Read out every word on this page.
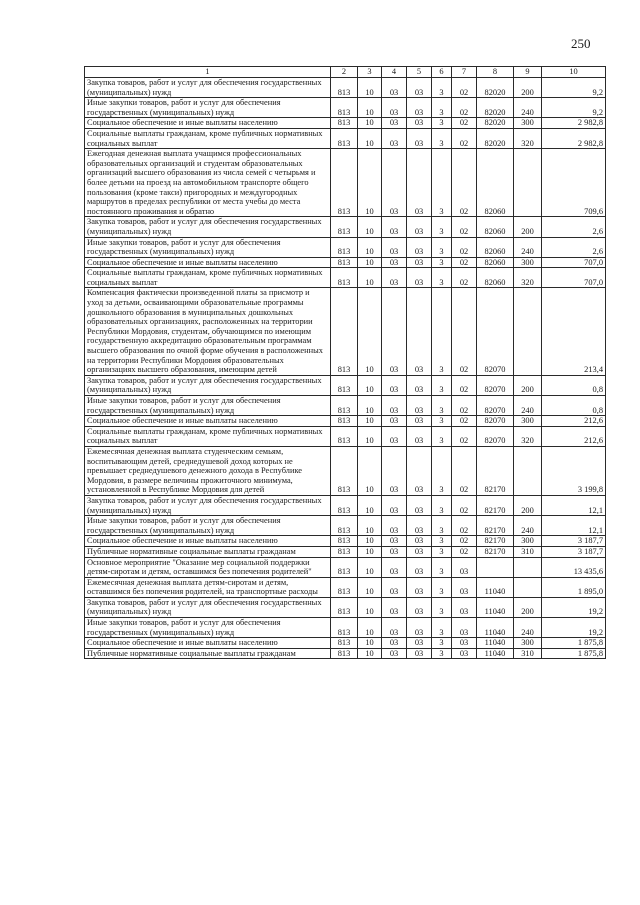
250
1	2	3	4	5	6	7	8	9	10
Закупка товаров, работ и услуг для обеспечения государственных (муниципальных) нужд	813	10	03	03	3	02	82020	200	9,2
Иные закупки товаров, работ и услуг для обеспечения государственных (муниципальных) нужд	813	10	03	03	3	02	82020	240	9,2
Социальное обеспечение и иные выплаты населению	813	10	03	03	3	02	82020	300	2 982,8
Социальные выплаты гражданам, кроме публичных нормативных социальных выплат	813	10	03	03	3	02	82020	320	2 982,8
Ежегодная денежная выплата учащимся профессиональных образовательных организаций и студентам образовательных организаций высшего образования из числа семей с четырьмя и более детьми на проезд на автомобильном транспорте общего пользования (кроме такси) пригородных и междугородных маршрутов в пределах республики от места учебы до места постоянного проживания и обратно	813	10	03	03	3	02	82060		709,6
Закупка товаров, работ и услуг для обеспечения государственных (муниципальных) нужд	813	10	03	03	3	02	82060	200	2,6
Иные закупки товаров, работ и услуг для обеспечения государственных (муниципальных) нужд	813	10	03	03	3	02	82060	240	2,6
Социальное обеспечение и иные выплаты населению	813	10	03	03	3	02	82060	300	707,0
Социальные выплаты гражданам, кроме публичных нормативных социальных выплат	813	10	03	03	3	02	82060	320	707,0
Компенсация фактически произведенной платы за присмотр и уход за детьми, осваивающими образовательные программы дошкольного образования в муниципальных дошкольных образовательных организациях, расположенных на территории Республики Мордовия, студентам, обучающимся по имеющим государственную аккредитацию образовательным программам высшего образования по очной форме обучения в расположенных на территории Республики Мордовия образовательных организациях высшего образования, имеющим детей	813	10	03	03	3	02	82070		213,4
Закупка товаров, работ и услуг для обеспечения государственных (муниципальных) нужд	813	10	03	03	3	02	82070	200	0,8
Иные закупки товаров, работ и услуг для обеспечения государственных (муниципальных) нужд	813	10	03	03	3	02	82070	240	0,8
Социальное обеспечение и иные выплаты населению	813	10	03	03	3	02	82070	300	212,6
Социальные выплаты гражданам, кроме публичных нормативных социальных выплат	813	10	03	03	3	02	82070	320	212,6
Ежемесячная денежная выплата студенческим семьям, воспитывающим детей, среднедушевой доход которых не превышает среднедушевого денежного дохода в Республике Мордовия, в размере величины прожиточного минимума, установленной в Республике Мордовия для детей	813	10	03	03	3	02	82170		3 199,8
Закупка товаров, работ и услуг для обеспечения государственных (муниципальных) нужд	813	10	03	03	3	02	82170	200	12,1
Иные закупки товаров, работ и услуг для обеспечения государственных (муниципальных) нужд	813	10	03	03	3	02	82170	240	12,1
Социальное обеспечение и иные выплаты населению	813	10	03	03	3	02	82170	300	3 187,7
Публичные нормативные социальные выплаты гражданам	813	10	03	03	3	02	82170	310	3 187,7
Основное мероприятие "Оказание мер социальной поддержки детям-сиротам и детям, оставшимся без попечения родителей"	813	10	03	03	3	03			13 435,6
Ежемесячная денежная выплата детям-сиротам и детям, оставшимся без попечения родителей, на транспортные расходы	813	10	03	03	3	03	11040		1 895,0
Закупка товаров, работ и услуг для обеспечения государственных (муниципальных) нужд	813	10	03	03	3	03	11040	200	19,2
Иные закупки товаров, работ и услуг для обеспечения государственных (муниципальных) нужд	813	10	03	03	3	03	11040	240	19,2
Социальное обеспечение и иные выплаты населению	813	10	03	03	3	03	11040	300	1 875,8
Публичные нормативные социальные выплаты гражданам	813	10	03	03	3	03	11040	310	1 875,8
